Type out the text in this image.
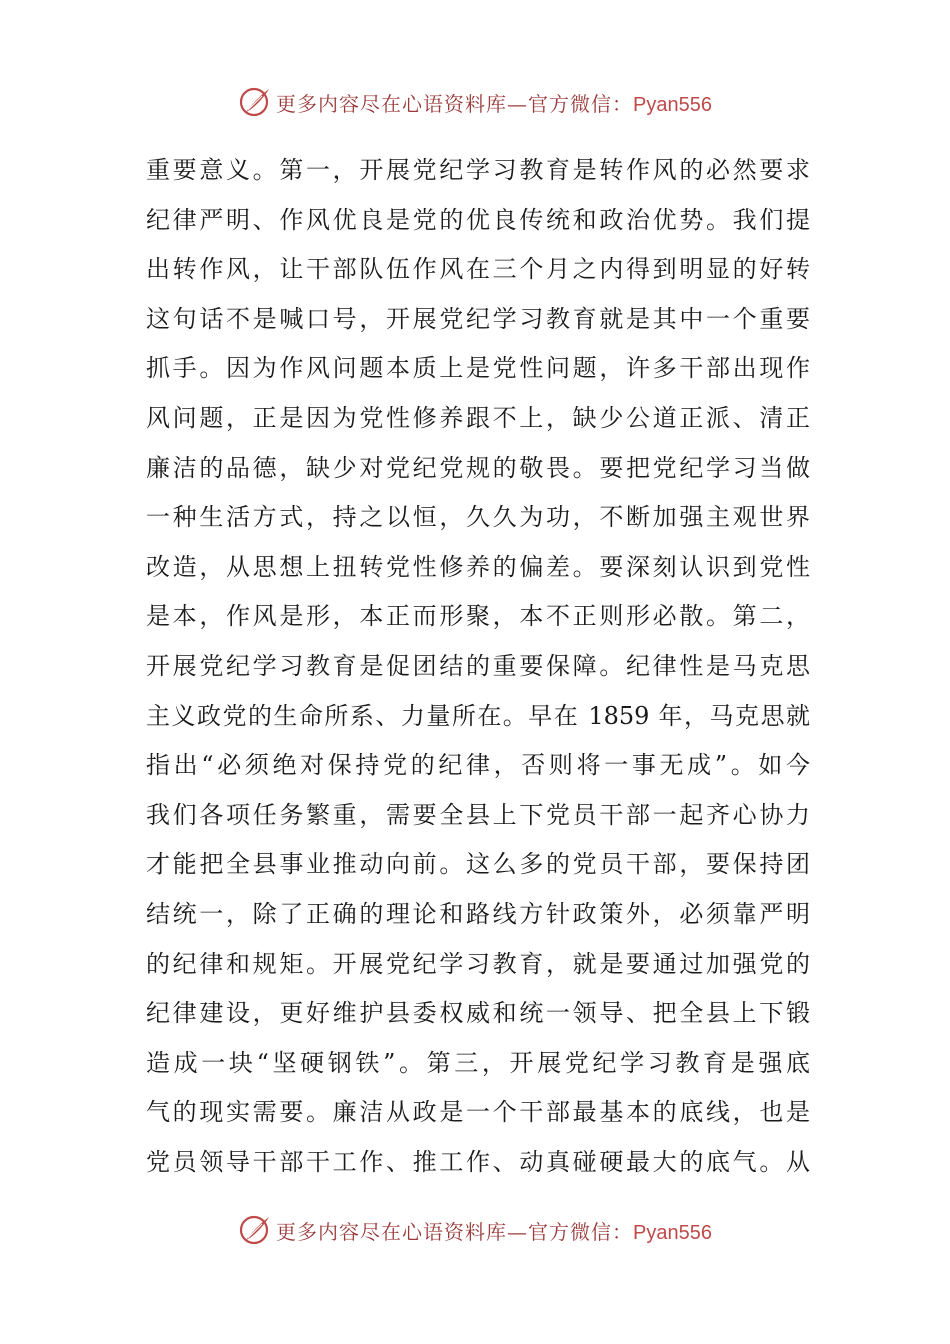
更多内容尽在心语资料库—官方微信：Pyan556
重要意义。第一，开展党纪学习教育是转作风的必然要求
纪律严明、作风优良是党的优良传统和政治优势。我们提
出转作风，让干部队伍作风在三个月之内得到明显的好转
这句话不是喊口号，开展党纪学习教育就是其中一个重要
抓手。因为作风问题本质上是党性问题，许多干部出现作
风问题，正是因为党性修养跟不上，缺少公道正派、清正
廉洁的品德，缺少对党纪党规的敬畏。要把党纪学习当做
一种生活方式，持之以恒，久久为功，不断加强主观世界
改造，从思想上扭转党性修养的偏差。要深刻认识到党性
是本，作风是形，本正而形聚，本不正则形必散。第二，
开展党纪学习教育是促团结的重要保障。纪律性是马克思
主义政党的生命所系、力量所在。早在 1859 年，马克思就
指出“必须绝对保持党的纪律，否则将一事无成”。如今
我们各项任务繁重，需要全县上下党员干部一起齐心协力
才能把全县事业推动向前。这么多的党员干部，要保持团
结统一，除了正确的理论和路线方针政策外，必须靠严明
的纪律和规矩。开展党纪学习教育，就是要通过加强党的
纪律建设，更好维护县委权威和统一领导、把全县上下锻
造成一块“坚硬钢铁”。第三，开展党纪学习教育是强底
气的现实需要。廉洁从政是一个干部最基本的底线，也是
党员领导干部干工作、推工作、动真碰硬最大的底气。从
更多内容尽在心语资料库—官方微信：Pyan556
